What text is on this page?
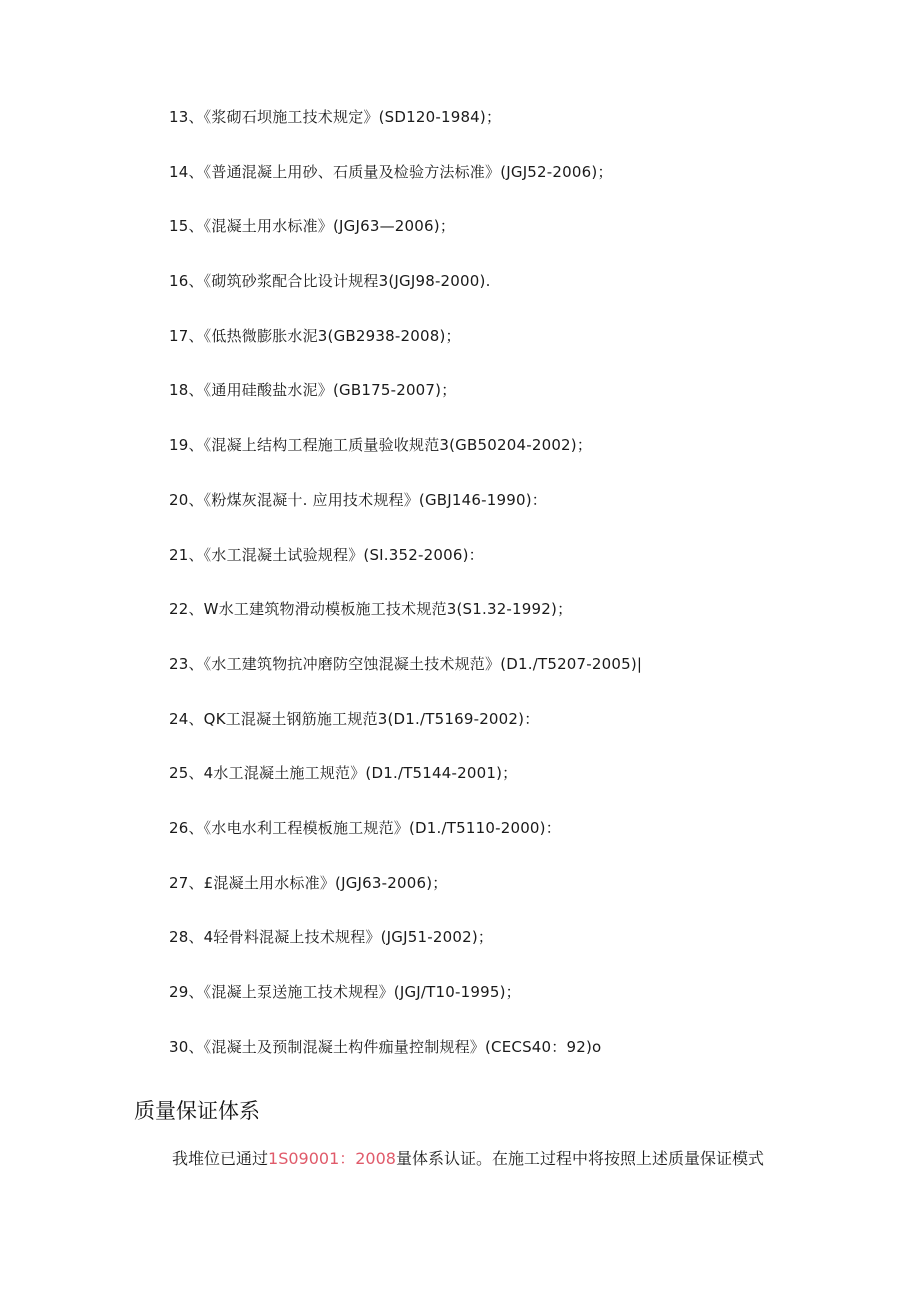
13、《浆砌石坝施工技术规定》(SD120-1984)；
14、《普通混凝上用砂、石质量及检验方法标准》(JGJ52-2006)；
15、《混凝土用水标准》(JGJ63—2006)；
16、《砌筑砂浆配合比设计规程3(JGJ98-2000).
17、《低热微膨胀水泥3(GB2938-2008)；
18、《通用硅酸盐水泥》(GB175-2007)；
19、《混凝上结构工程施工质量验收规范3(GB50204-2002)；
20、《粉煤灰混凝十. 应用技术规程》(GBJ146-1990)：
21、《水工混凝土试验规程》(SI.352-2006)：
22、W水工建筑物滑动模板施工技术规范3(S1.32-1992)；
23、《水工建筑物抗冲磨防空蚀混凝土技术规范》(D1./T5207-2005)|
24、QK工混凝土钢筋施工规范3(D1./T5169-2002)：
25、4水工混凝土施工规范》(D1./T5144-2001)；
26、《水电水利工程模板施工规范》(D1./T5110-2000)：
27、£混凝土用水标准》(JGJ63-2006)；
28、4轻骨料混凝上技术规程》(JGJ51-2002)；
29、《混凝上泵送施工技术规程》(JGJ/T10-1995)；
30、《混凝土及预制混凝土构件痂量控制规程》(CECS40：92)o
质量保证体系

我堆位已通过1S09001：2008量体系认证。在施工过程中将按照上述质量保证模式
